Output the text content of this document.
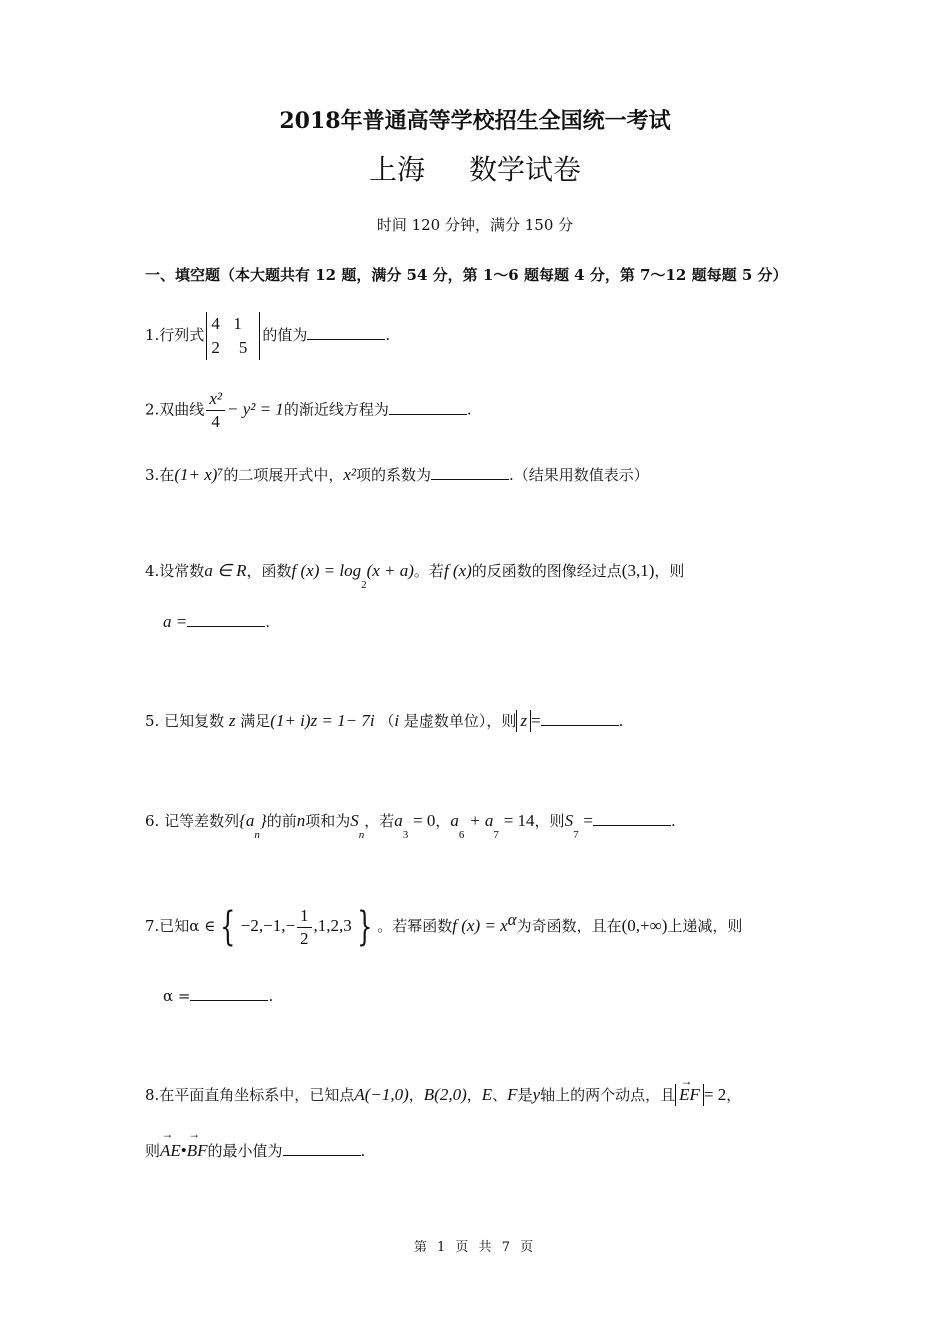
2018年普通高等学校招生全国统一考试
上海 数学试卷
时间 120 分钟，满分 150 分
一、填空题（本大题共有 12 题，满分 54 分，第 1～6 题每题 4 分，第 7～12 题每题 5 分）
1.行列式4 1
2 5的值为	.
2.双曲线 $\frac{\text{x²}}{4} - y^2 = 1$的渐近线方程为	.
3.在(1+ x)⁷的二项展开式中，x²项的系数为	.（结果用数值表示）
4.设常数a ∈ R，函数f $(x) = \log_2(x + a)$。若f (x)的反函数的图像经过点(3,1)，则
a =	.
5. 已知复数 z 满足(1+ i)z = 1− 7i （i 是虚数单位），则 z =	.
6. 记等差数列$\{a_n\}$的前n项和为$S_n$，若$a_3 = 0$，$a_6 + a_7 = 14$，则$S_7$ =	.
7.已知α ∈ { $-2,-1,- \frac{1}{2} ,1,2,3$ } 。若幂函数f $(x) = x^\alpha$为奇函数，且在(0,+∞)上递减，则
α =	.
8.在平面直角坐标系中，已知点A(−1,0)，B(2,0)，E、F是y轴上的两个动点，且→ EF = 2，
则→ AE•→ BF的最小值为	.
第 1 页 共 7 页
